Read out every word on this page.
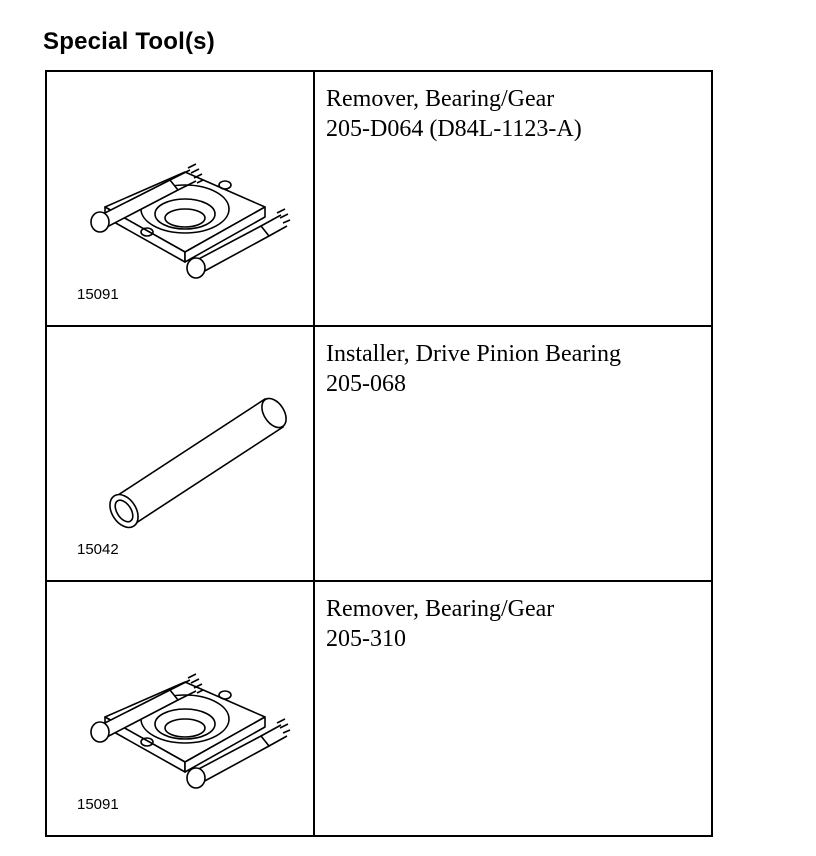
Special Tool(s)
15091	Remover, Bearing/Gear
205-D064 (D84L-1123-A)

15042	Installer, Drive Pinion Bearing
205-068

15091	Remover, Bearing/Gear
205-310
